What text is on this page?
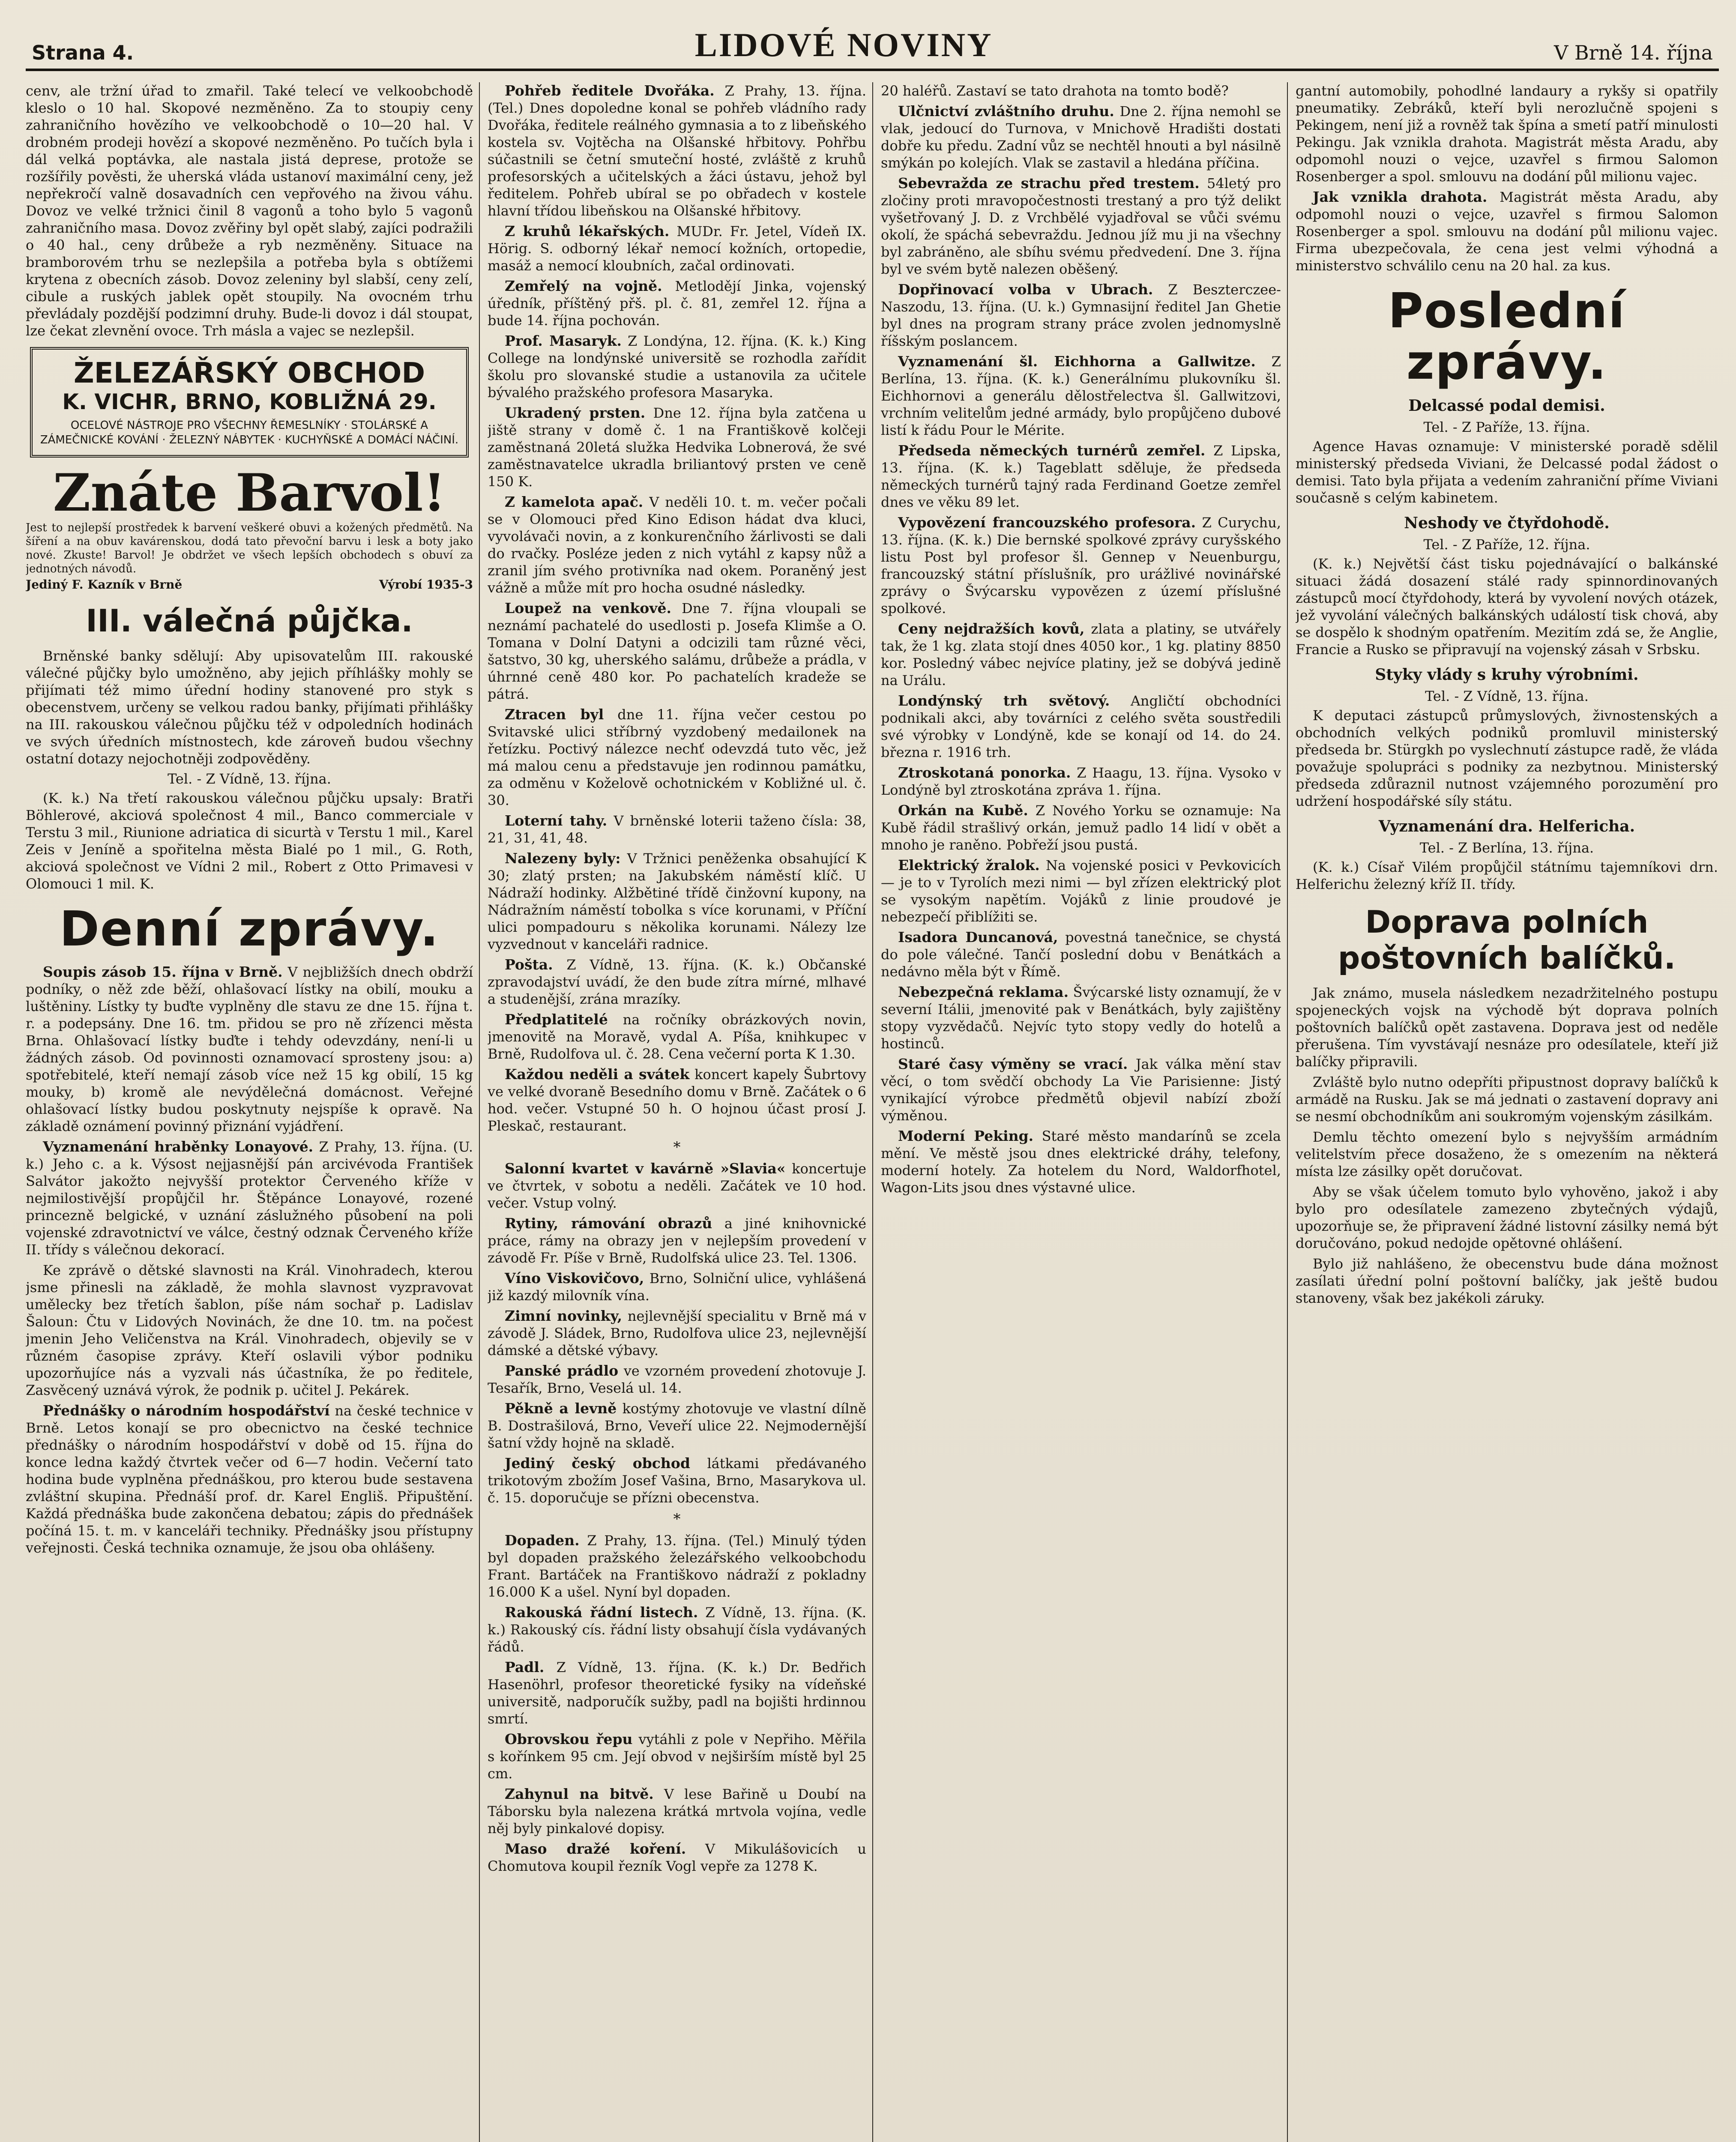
Strana 4.	LIDOVÉ NOVINY	V Brně 14. října

cenv, ale tržní úřad to zmařil. Také telecí ve velkoobchodě kleslo o 10 hal. Skopové nezměněno. Za to stoupiy ceny zahraničního hovězího ve velkoobchodě o 10—20 hal. V drobném prodeji hovězí a skopové nezměněno. Po tučích byla i dál velká poptávka, ale nastala jistá deprese, protože se rozšířily pověsti, že uherská vláda ustanoví maximální ceny, jež nepřekročí valně dosavadních cen vepřového na živou váhu. Dovoz ve velké tržnici činil 8 vagonů a toho bylo 5 vagonů zahraničního masa. Dovoz zvěřiny byl opět slabý, zajíci podražili o 40 hal., ceny drůbeže a ryb nezměněny. Situace na bramborovém trhu se nezlepšila a potřeba byla s obtížemi krytena z obecních zásob. Dovoz zeleniny byl slabší, ceny zelí, cibule a ruských jablek opět stoupily. Na ovocném trhu převládaly pozdější podzimní druhy. Bude-li dovoz i dál stoupat, lze čekat zlevnění ovoce. Trh másla a vajec se nezlepšil.

ŽELEZÁŘSKÝ OBCHOD
K. VICHR, BRNO, KOBLIŽNÁ 29.
OCELOVÉ NÁSTROJE PRO VŠECHNY ŘEMESLNÍKY · STOLÁRSKÉ A ZÁMEČNICKÉ KOVÁNÍ · ŽELEZNÝ NÁBYTEK · KUCHYŇSKÉ A DOMÁCÍ NÁČINÍ.
Znáte Barvol!
Jest to nejlepší prostředek k barvení veškeré obuvi a kožených předmětů. Na šíření a na obuv kavárenskou, dodá tato převoční barvu i lesk a boty jako nové. Zkuste! Barvol! Je obdržet ve všech lepších obchodech s obuví za jednotných návodů.
Jediný F. Kazník v Brně	Výrobí 1935-3
III. válečná půjčka.

Brněnské banky sdělují: Aby upisovatelům III. rakouské válečné půjčky bylo umožněno, aby jejich příhlášky mohly se přijímati též mimo úřední hodiny stanovené pro styk s obecenstvem, určeny se velkou radou banky, přijímati přihlášky na III. rakouskou válečnou půjčku též v odpoledních hodinách ve svých úředních místnostech, kde zároveň budou všechny ostatní dotazy nejochotněji zodpověděny.

Tel. - Z Vídně, 13. října.

(K. k.) Na třetí rakouskou válečnou půjčku upsaly: Bratři Böhlerové, akciová společnost 4 mil., Banco commerciale v Terstu 3 mil., Riunione adriatica di sicurtà v Terstu 1 mil., Karel Zeis v Jeníně a spořitelna města Bialé po 1 mil., G. Roth, akciová společnost ve Vídni 2 mil., Robert z Otto Primavesi v Olomouci 1 mil. K.

Denní zprávy.

Soupis zásob 15. října v Brně. V nejbližších dnech obdrží podníky, o něž zde běží, ohlašovací lístky na obilí, mouku a luštěniny. Lístky ty buďte vyplněny dle stavu ze dne 15. října t. r. a podepsány. Dne 16. tm. přidou se pro ně zřízenci města Brna. Ohlašovací lístky buďte i tehdy odevzdány, není-li u žádných zásob. Od povinnosti oznamovací sprosteny jsou: a) spotřebitelé, kteří nemají zásob více než 15 kg obilí, 15 kg mouky, b) kromě ale nevýdělečná domácnost. Veřejné ohlašovací lístky budou poskytnuty nejspíše k opravě. Na základě oznámení povinný přiznání vyjádření.

Vyznamenání hraběnky Lonayové. Z Prahy, 13. října. (U. k.) Jeho c. a k. Výsost nejjasnější pán arcivévoda František Salvátor jakožto nejvyšší protektor Červeného kříže v nejmilostivější propůjčil hr. Štěpánce Lonayové, rozené princezně belgické, v uznání záslužného působení na poli vojenské zdravotnictví ve válce, čestný odznak Červeného kříže II. třídy s válečnou dekorací.

Ke zprávě o dětské slavnosti na Král. Vinohradech, kterou jsme přinesli na základě, že mohla slavnost vyzpravovat umělecky bez třetích šablon, píše nám sochař p. Ladislav Šaloun: Čtu v Lidových Novinách, že dne 10. tm. na počest jmenin Jeho Veličenstva na Král. Vinohradech, objevily se v různém časopise zprávy. Kteří oslavili výbor podniku upozorňujíce nás a vyzvali nás účastníka, že po ředitele, Zasvěcený uznává výrok, že podnik p. učitel J. Pekárek.

Přednášky o národním hospodářství na české technice v Brně. Letos konají se pro obecnictvo na české technice přednášky o národním hospodářství v době od 15. října do konce ledna každý čtvrtek večer od 6—7 hodin. Večerní tato hodina bude vyplněna přednáškou, pro kterou bude sestavena zvláštní skupina. Přednáší prof. dr. Karel Engliš. Připuštění. Každá přednáška bude zakončena debatou; zápis do přednášek počíná 15. t. m. v kanceláři techniky. Přednášky jsou přístupny veřejnosti. Česká technika oznamuje, že jsou oba ohlášeny.

Pohřeb ředitele Dvořáka. Z Prahy, 13. října. (Tel.) Dnes dopoledne konal se pohřeb vládního rady Dvořáka, ředitele reálného gymnasia a to z libeňského kostela sv. Vojtěcha na Olšanské hřbitovy. Pohřbu súčastnili se četní smuteční hosté, zvláště z kruhů profesorských a učitelských a žáci ústavu, jehož byl ředitelem. Pohřeb ubíral se po obřadech v kostele hlavní třídou libeňskou na Olšanské hřbitovy.

Z kruhů lékařských. MUDr. Fr. Jetel, Vídeň IX. Hörig. S. odborný lékař nemocí kožních, ortopedie, masáž a nemocí kloubních, začal ordinovati.

Zemřelý na vojně. Metlodějí Jinka, vojenský úředník, příštěný přš. pl. č. 81, zemřel 12. října a bude 14. října pochován.

Prof. Masaryk. Z Londýna, 12. října. (K. k.) King College na londýnské universitě se rozhodla zařídit školu pro slovanské studie a ustanovila za učitele bývalého pražského profesora Masaryka.

Ukradený prsten. Dne 12. října byla zatčena u jiště strany v domě č. 1 na Františkově kolčeji zaměstnaná 20letá služka Hedvika Lobnerová, že své zaměstnavatelce ukradla briliantový prsten ve ceně 150 K.

Z kamelota apač. V neděli 10. t. m. večer počali se v Olomouci před Kino Edison hádat dva kluci, vyvolávači novin, a z konkurenčního žárlivosti se dali do rvačky. Posléze jeden z nich vytáhl z kapsy nůž a zranil jím svého protivníka nad okem. Poraněný jest vážně a může mít pro hocha osudné následky.

Loupež na venkově. Dne 7. října vloupali se neznámí pachatelé do usedlosti p. Josefa Klimše a O. Tomana v Dolní Datyni a odcizili tam různé věci, šatstvo, 30 kg, uherského salámu, drůbeže a prádla, v úhrnné ceně 480 kor. Po pachatelích kradeže se pátrá.

Ztracen byl dne 11. října večer cestou po Svitavské ulici stříbrný vyzdobený medailonek na řetízku. Poctivý nálezce nechť odevzdá tuto věc, jež má malou cenu a představuje jen rodinnou památku, za odměnu v Koželově ochotnickém v Kobližné ul. č. 30.

Loterní tahy. V brněnské loterii taženo čísla: 38, 21, 31, 41, 48.

Nalezeny byly: V Tržnici peněženka obsahující K 30; zlatý prsten; na Jakubském náměstí klíč. U Nádraží hodinky. Alžbětiné třídě činžovní kupony, na Nádražním náměstí tobolka s více korunami, v Příční ulici pompadouru s několika korunami. Nálezy lze vyzvednout v kanceláři radnice.

Pošta. Z Vídně, 13. října. (K. k.) Občanské zpravodajství uvádí, že den bude zítra mírné, mlhavé a studenější, zrána mrazíky.

Předplatitelé na ročníky obrázkových novin, jmenovitě na Moravě, vydal A. Píša, knihkupec v Brně, Rudolfova ul. č. 28. Cena večerní porta K 1.30.

Každou neděli a svátek koncert kapely Šubrtovy ve velké dvoraně Besedního domu v Brně. Začátek o 6 hod. večer. Vstupné 50 h. O hojnou účast prosí J. Pleskač, restaurant.

*

Salonní kvartet v kavárně »Slavia« koncertuje ve čtvrtek, v sobotu a neděli. Začátek ve 10 hod. večer. Vstup volný.

Rytiny, rámování obrazů a jiné knihovnické práce, rámy na obrazy jen v nejlepším provedení v závodě Fr. Píše v Brně, Rudolfská ulice 23. Tel. 1306.

Víno Viskovičovo, Brno, Solniční ulice, vyhlášená již kazdý milovník vína.

Zimní novinky, nejlevnější specialitu v Brně má v závodě J. Sládek, Brno, Rudolfova ulice 23, nejlevnější dámské a dětské výbavy.

Panské prádlo ve vzorném provedení zhotovuje J. Tesařík, Brno, Veselá ul. 14.

Pěkně a levně kostýmy zhotovuje ve vlastní dílně B. Dostrašilová, Brno, Veveří ulice 22. Nejmodernější šatní vždy hojně na skladě.

Jediný český obchod látkami předávaného trikotovým zbožím Josef Vašina, Brno, Masarykova ul. č. 15. doporučuje se přízni obecenstva.

*

Dopaden. Z Prahy, 13. října. (Tel.) Minulý týden byl dopaden pražského železářského velkoobchodu Frant. Bartáček na Františkovo nádraží z pokladny 16.000 K a ušel. Nyní byl dopaden.

Rakouská řádní listech. Z Vídně, 13. října. (K. k.) Rakouský cís. řádní listy obsahují čísla vydávaných řádů.

Padl. Z Vídně, 13. října. (K. k.) Dr. Bedřich Hasenöhrl, profesor theoretické fysiky na vídeňské universitě, nadporučík sužby, padl na bojišti hrdinnou smrtí.

Obrovskou řepu vytáhli z pole v Nepřiho. Měřila s kořínkem 95 cm. Její obvod v nejširším místě byl 25 cm.

Zahynul na bitvě. V lese Bařině u Doubí na Táborsku byla nalezena krátká mrtvola vojína, vedle něj byly pinkalové dopisy.

Maso dražé koření. V Mikulášovicích u Chomutova koupil řezník Vogl vepře za 1278 K.

20 haléřů. Zastaví se tato drahota na tomto bodě?

Ulčnictví zvláštního druhu. Dne 2. října nemohl se vlak, jedoucí do Turnova, v Mnichově Hradišti dostati dobře ku předu. Zadní vůz se nechtěl hnouti a byl násilně smýkán po kolejích. Vlak se zastavil a hledána příčina.

Sebevražda ze strachu před trestem. 54letý pro zločiny proti mravopočestnosti trestaný a pro týž delikt vyšetřovaný J. D. z Vrchbělé vyjadřoval se vůči svému okolí, že spáchá sebevraždu. Jednou jíž mu ji na všechny byl zabráněno, ale sbíhu svému předvedení. Dne 3. října byl ve svém bytě nalezen oběšený.

Dopřinovací volba v Ubrach. Z Beszterczee-Naszodu, 13. října. (U. k.) Gymnasijní ředitel Jan Ghetie byl dnes na program strany práce zvolen jednomyslně říšským poslancem.

Vyznamenání šl. Eichhorna a Gallwitze. Z Berlína, 13. října. (K. k.) Generálnímu plukovníku šl. Eichhornovi a generálu dělostřelectva šl. Gallwitzovi, vrchním velitelům jedné armády, bylo propůjčeno dubové listí k řádu Pour le Mérite.

Předseda německých turnérů zemřel. Z Lipska, 13. října. (K. k.) Tageblatt sděluje, že předseda německých turnérů tajný rada Ferdinand Goetze zemřel dnes ve věku 89 let.

Vypovězení francouzského profesora. Z Curychu, 13. října. (K. k.) Die bernské spolkové zprávy curyšského listu Post byl profesor šl. Gennep v Neuenburgu, francouzský státní příslušník, pro urážlivé novinářské zprávy o Švýcarsku vypovězen z území příslušné spolkové.

Ceny nejdražších kovů, zlata a platiny, se utvářely tak, že 1 kg. zlata stojí dnes 4050 kor., 1 kg. platiny 8850 kor. Posledný vábec nejvíce platiny, jež se dobývá jedině na Urálu.

Londýnský trh světový. Angličtí obchodníci podnikali akci, aby továrníci z celého světa soustředili své výrobky v Londýně, kde se konají od 14. do 24. března r. 1916 trh.

Ztroskotaná ponorka. Z Haagu, 13. října. Vysoko v Londýně byl ztroskotána zpráva 1. října.

Orkán na Kubě. Z Nového Yorku se oznamuje: Na Kubě řádil strašlivý orkán, jemuž padlo 14 lidí v obět a mnoho je raněno. Pobřeží jsou pustá.

Elektrický žralok. Na vojenské posici v Pevkovicích — je to v Tyrolích mezi nimi — byl zřízen elektrický plot se vysokým napětím. Vojáků z linie proudové je nebezpečí přiblížiti se.

Isadora Duncanová, povestná tanečnice, se chystá do pole válečné. Tančí poslední dobu v Benátkách a nedávno měla být v Římě.

Nebezpečná reklama. Švýcarské listy oznamují, že v severní Itálii, jmenovité pak v Benátkách, byly zajištěny stopy vyzvědačů. Nejvíc tyto stopy vedly do hotelů a hostinců.

Staré časy výměny se vrací. Jak válka mění stav věcí, o tom svědčí obchody La Vie Parisienne: Jistý vynikající výrobce předmětů objevil nabízí zboží výměnou.

Moderní Peking. Staré město mandarínů se zcela mění. Ve městě jsou dnes elektrické dráhy, telefony, moderní hotely. Za hotelem du Nord, Waldorfhotel, Wagon-Lits jsou dnes výstavné ulice.

gantní automobily, pohodlné landaury a rykšy si opatřily pneumatiky. Zebráků, kteří byli nerozlučně spojeni s Pekingem, není již a rovněž tak špína a smetí patří minulosti Pekingu. Jak vznikla drahota. Magistrát města Aradu, aby odpomohl nouzi o vejce, uzavřel s firmou Salomon Rosenberger a spol. smlouvu na dodání půl milionu vajec.

Jak vznikla drahota. Magistrát města Aradu, aby odpomohl nouzi o vejce, uzavřel s firmou Salomon Rosenberger a spol. smlouvu na dodání půl milionu vajec. Firma ubezpečovala, že cena jest velmi výhodná a ministerstvo schválilo cenu na 20 hal. za kus.

Poslední zprávy.
Delcassé podal demisi.
Tel. - Z Paříže, 13. října.

Agence Havas oznamuje: V ministerské poradě sdělil ministerský předseda Viviani, že Delcassé podal žádost o demisi. Tato byla přijata a vedením zahraniční příme Viviani současně s celým kabinetem.

Neshody ve čtyřdohodě.
Tel. - Z Paříže, 12. října.

(K. k.) Největší část tisku pojednávající o balkánské situaci žádá dosazení stálé rady spinnordinovaných zástupců mocí čtyřdohody, která by vyvolení nových otázek, jež vyvolání válečných balkánských událostí tisk chová, aby se dospělo k shodným opatřením. Mezitím zdá se, že Anglie, Francie a Rusko se připravují na vojenský zásah v Srbsku.

Styky vlády s kruhy výrobními.
Tel. - Z Vídně, 13. října.

K deputaci zástupců průmyslových, živnostenských a obchodních velkých podniků promluvil ministerský předseda br. Stürgkh po vyslechnutí zástupce radě, že vláda považuje spolupráci s podniky za nezbytnou. Ministerský předseda zdůraznil nutnost vzájemného porozumění pro udržení hospodářské síly státu.

Vyznamenání dra. Helfericha.
Tel. - Z Berlína, 13. října.

(K. k.) Císař Vilém propůjčil státnímu tajemníkovi drn. Helferichu železný kříž II. třídy.

Doprava polních poštovních balíčků.

Jak známo, musela následkem nezadržitelného postupu spojeneckých vojsk na východě být doprava polních poštovních balíčků opět zastavena. Doprava jest od neděle přerušena. Tím vyvstávají nesnáze pro odesílatele, kteří již balíčky připravili.

Zvláště bylo nutno odepříti připustnost dopravy balíčků k armádě na Rusku. Jak se má jednati o zastavení dopravy ani se nesmí obchodníkům ani soukromým vojenským zásilkám.

Demlu těchto omezení bylo s nejvyšším armádním velitelstvím přece dosaženo, že s omezením na některá místa lze zásilky opět doručovat.

Aby se však účelem tomuto bylo vyhověno, jakož i aby bylo pro odesílatele zamezeno zbytečných výdajů, upozorňuje se, že připravení žádné listovní zásilky nemá být doručováno, pokud nedojde opětovné ohlášení.

Bylo již nahlášeno, že obecenstvu bude dána možnost zasílati úřední polní poštovní balíčky, jak ještě budou stanoveny, však bez jakékoli záruky.
